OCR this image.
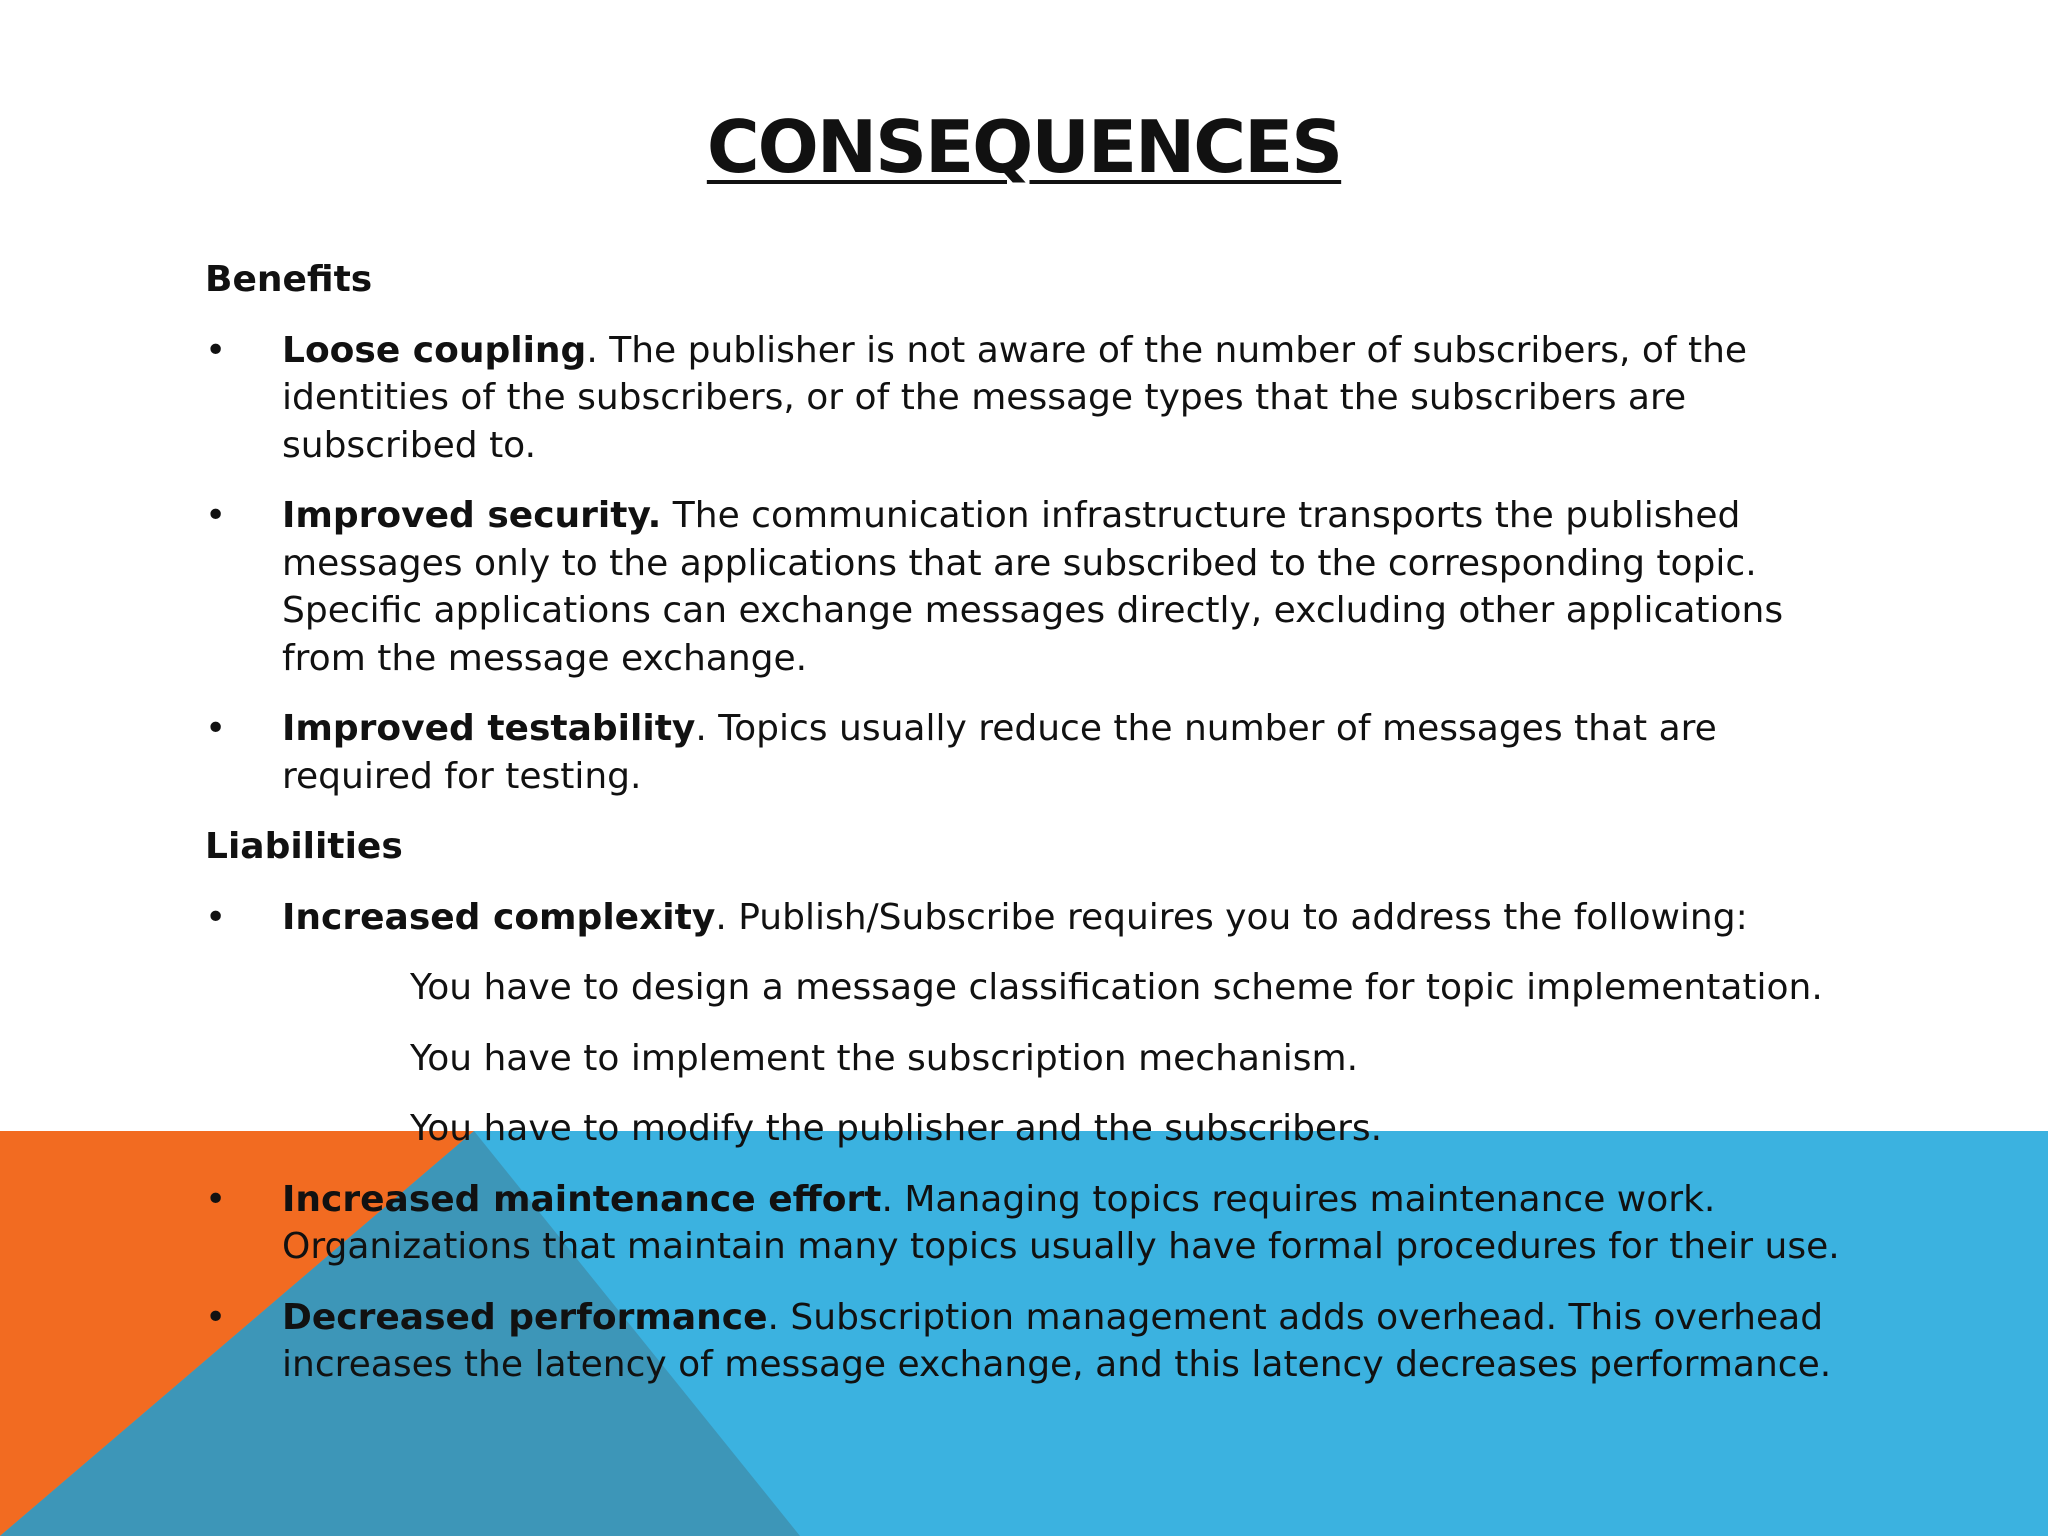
CONSEQUENCES
Benefits
• Loose coupling. The publisher is not aware of the number of subscribers, of the identities of the subscribers, or of the message types that the subscribers are subscribed to.
• Improved security. The communication infrastructure transports the published messages only to the applications that are subscribed to the corresponding topic. Specific applications can exchange messages directly, excluding other applications from the message exchange.
• Improved testability. Topics usually reduce the number of messages that are required for testing.
Liabilities
• Increased complexity. Publish/Subscribe requires you to address the following:
You have to design a message classification scheme for topic implementation.
You have to implement the subscription mechanism.
You have to modify the publisher and the subscribers.
• Increased maintenance effort. Managing topics requires maintenance work. Organizations that maintain many topics usually have formal procedures for their use.
• Decreased performance. Subscription management adds overhead. This overhead increases the latency of message exchange, and this latency decreases performance.
